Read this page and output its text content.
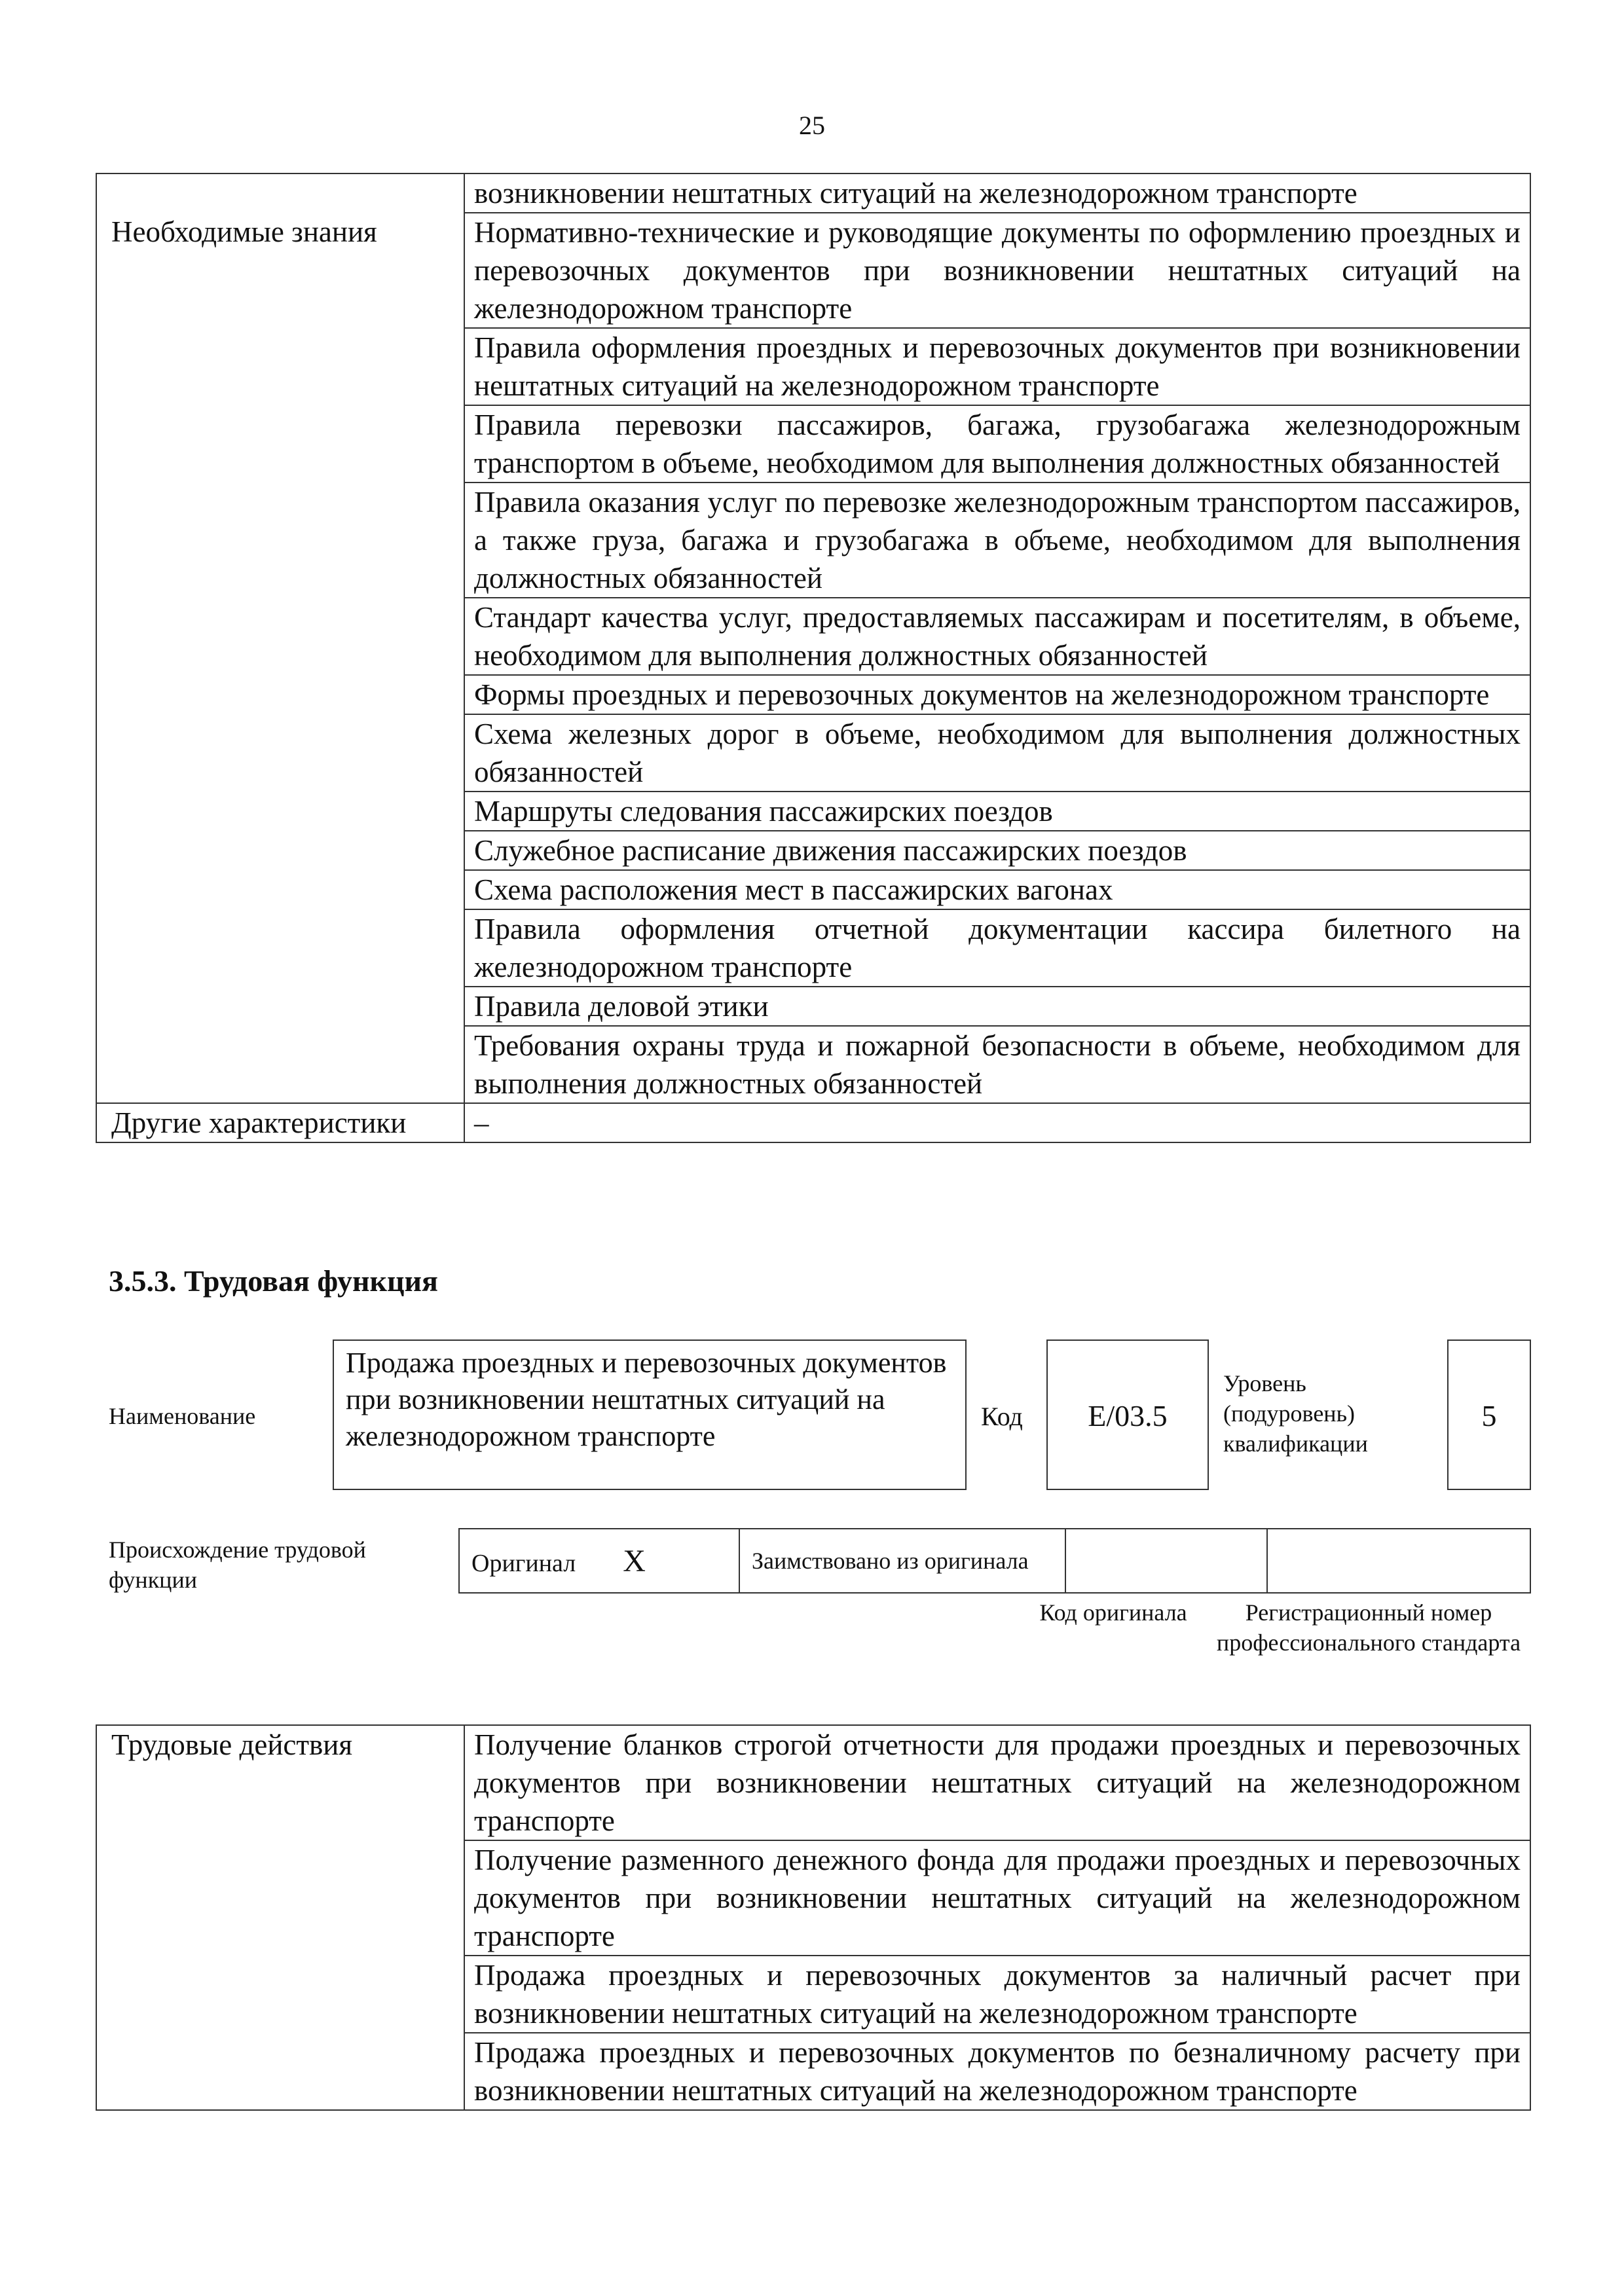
25
	возникновении нештатных ситуаций на железнодорожном транспорте
Необходимые знания	Нормативно-технические и руководящие документы по оформлению проездных и перевозочных документов при возникновении нештатных ситуаций на железнодорожном транспорте
	Правила оформления проездных и перевозочных документов при возникновении нештатных ситуаций на железнодорожном транспорте
	Правила перевозки пассажиров, багажа, грузобагажа железнодорожным транспортом в объеме, необходимом для выполнения должностных обязанностей
	Правила оказания услуг по перевозке железнодорожным транспортом пассажиров, а также груза, багажа и грузобагажа в объеме, необходимом для выполнения должностных обязанностей
	Стандарт качества услуг, предоставляемых пассажирам и посетителям, в объеме, необходимом для выполнения должностных обязанностей
	Формы проездных и перевозочных документов на железнодорожном транспорте
	Схема железных дорог в объеме, необходимом для выполнения должностных обязанностей
	Маршруты следования пассажирских поездов
	Служебное расписание движения пассажирских поездов
	Схема расположения мест в пассажирских вагонах
	Правила оформления отчетной документации кассира билетного на железнодорожном транспорте
	Правила деловой этики
	Требования охраны труда и пожарной безопасности в объеме, необходимом для выполнения должностных обязанностей
Другие характеристики	–
3.5.3. Трудовая функция
Наименование
Продажа проездных и перевозочных документов при возникновении нештатных ситуаций на железнодорожном транспорте
Код	E/03.5
Уровень (подуровень) квалификации
5
Происхождение трудовой функции
Оригинал X	Заимствовано из оригинала		
Код оригинала	Регистрационный номер профессионального стандарта
Трудовые действия	Получение бланков строгой отчетности для продажи проездных и перевозочных документов при возникновении нештатных ситуаций на железнодорожном транспорте
Получение разменного денежного фонда для продажи проездных и перевозочных документов при возникновении нештатных ситуаций на железнодорожном транспорте
Продажа проездных и перевозочных документов за наличный расчет при возникновении нештатных ситуаций на железнодорожном транспорте
Продажа проездных и перевозочных документов по безналичному расчету при возникновении нештатных ситуаций на железнодорожном транспорте
